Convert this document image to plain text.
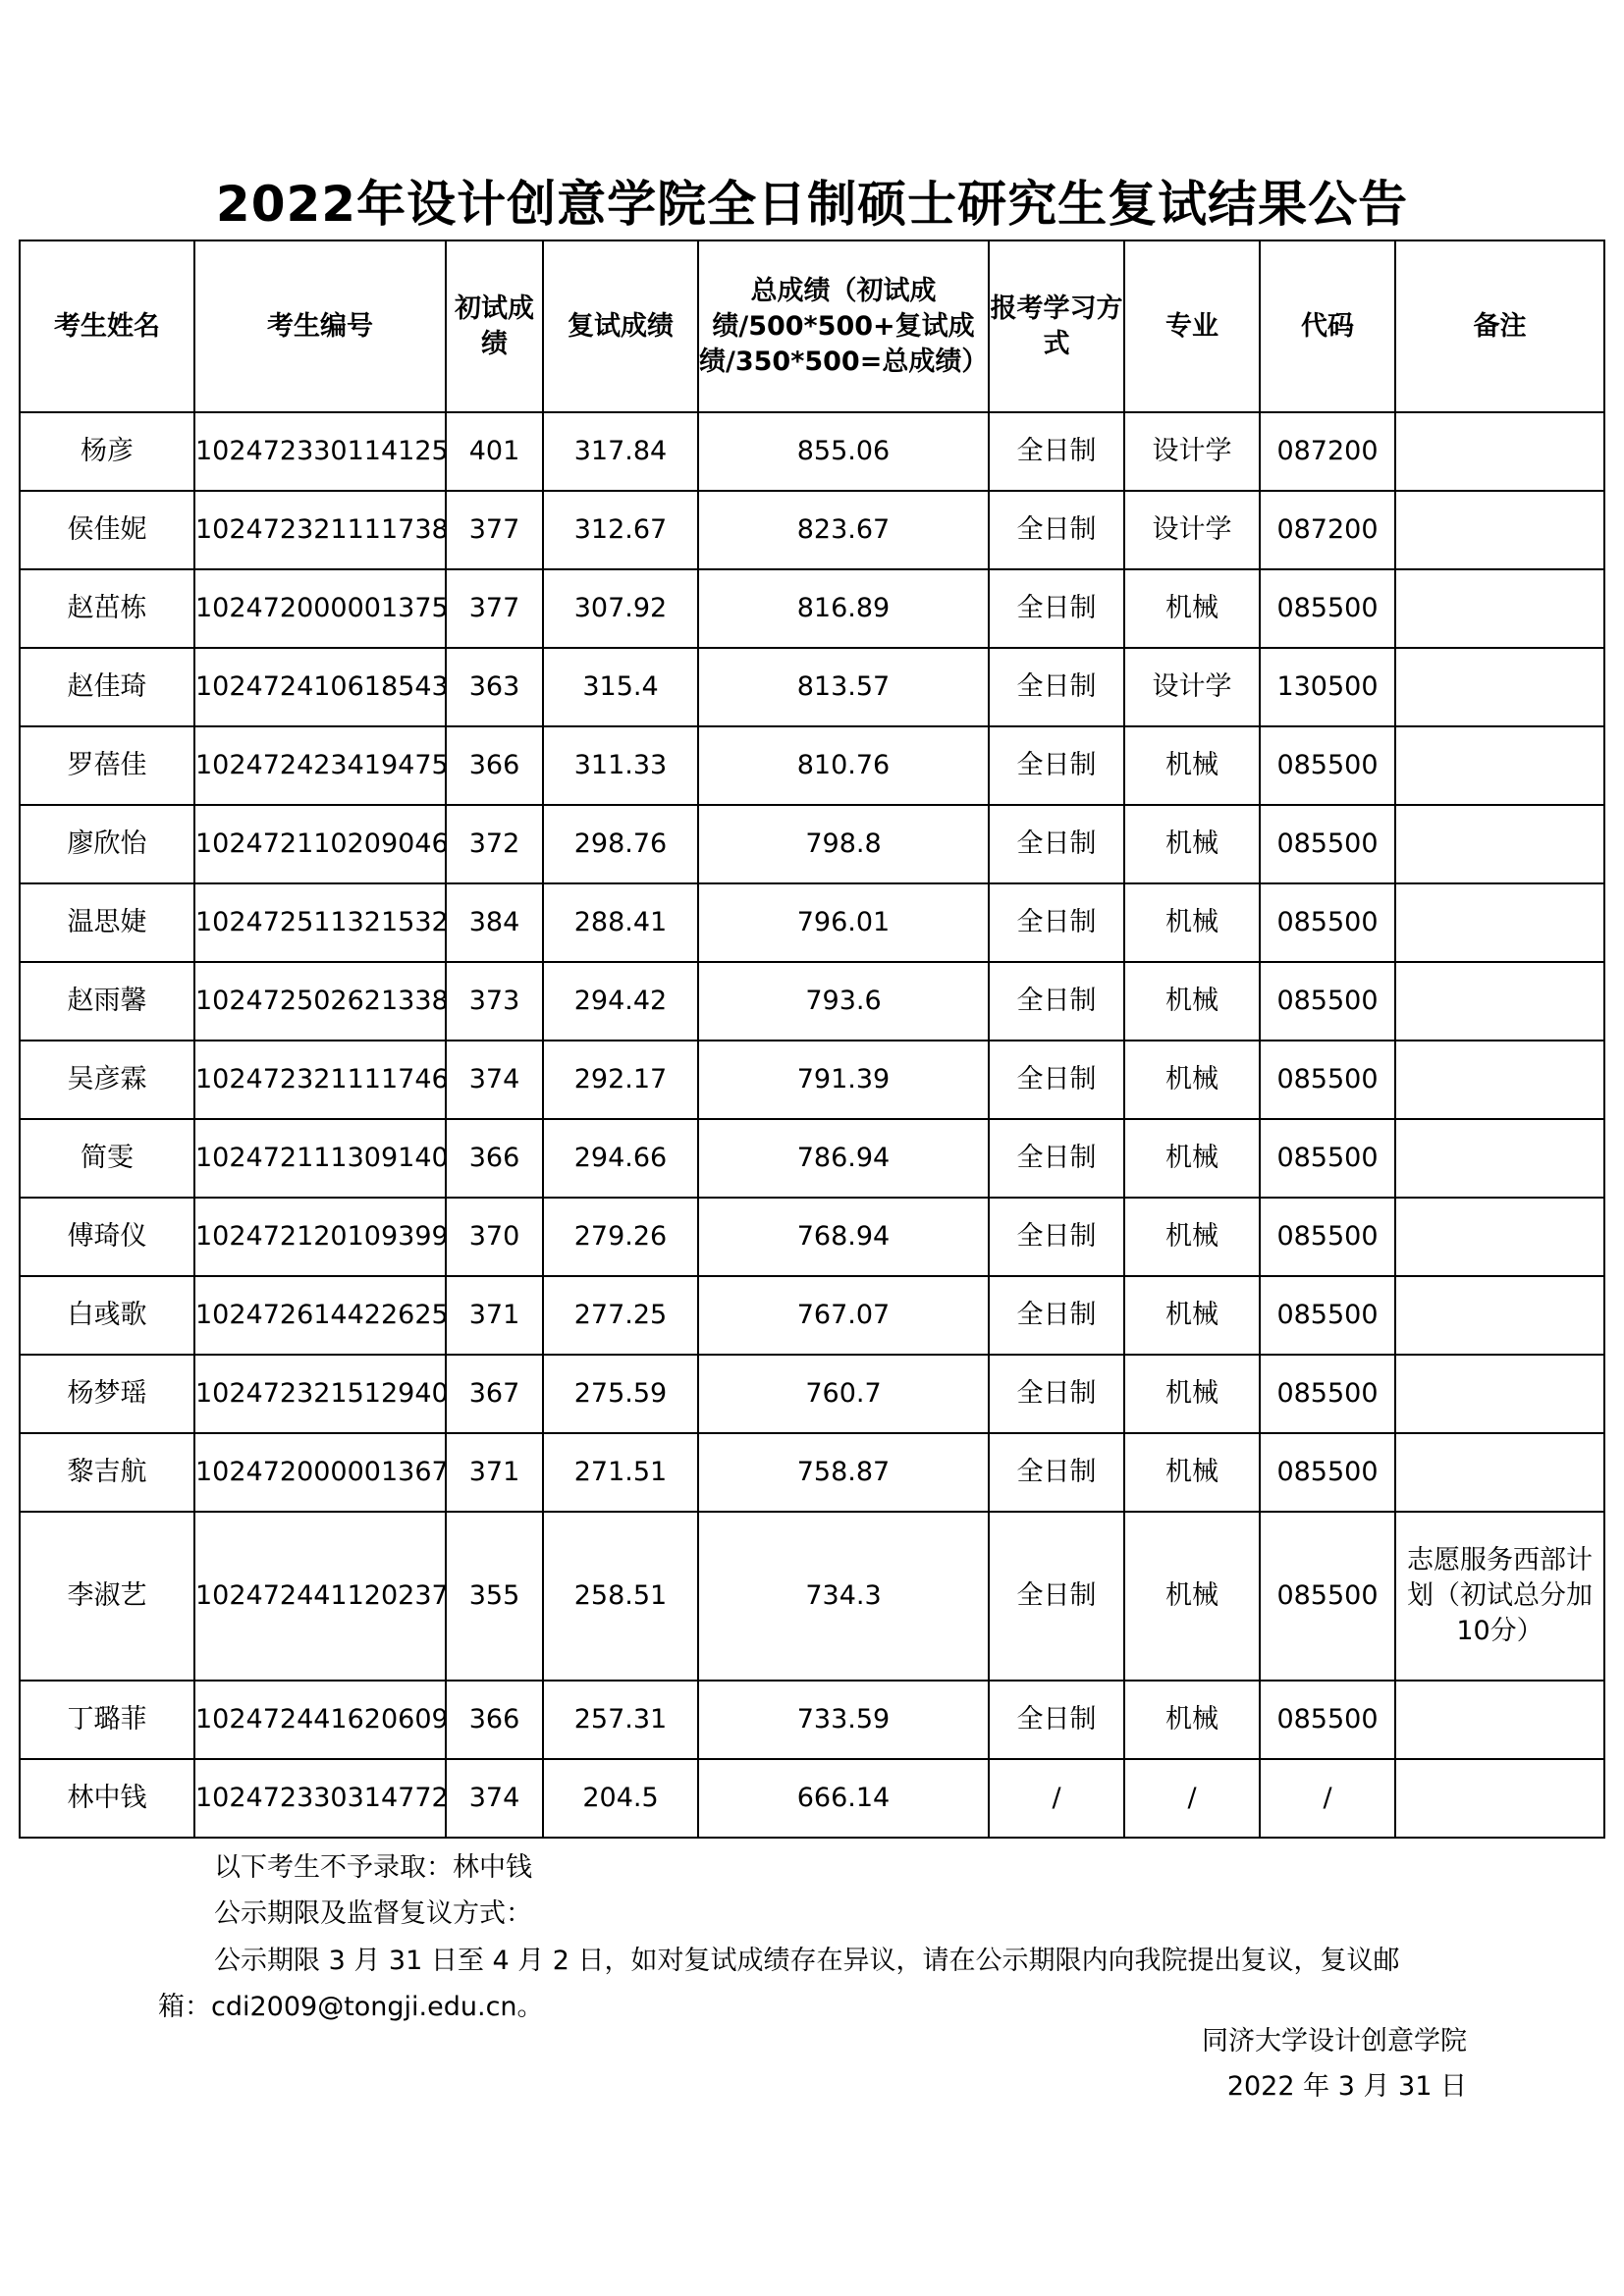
2022年设计创意学院全日制硕士研究生复试结果公告
考生姓名	考生编号	初试成绩	复试成绩	总成绩（初试成绩/500*500+复试成绩/350*500=总成绩）	报考学习方式	专业	代码	备注
杨彦	102472330114125	401	317.84	855.06	全日制	设计学	087200	
侯佳妮	102472321111738	377	312.67	823.67	全日制	设计学	087200	
赵茁栋	102472000001375	377	307.92	816.89	全日制	机械	085500	
赵佳琦	102472410618543	363	315.4	813.57	全日制	设计学	130500	
罗蓓佳	102472423419475	366	311.33	810.76	全日制	机械	085500	
廖欣怡	102472110209046	372	298.76	798.8	全日制	机械	085500	
温思婕	102472511321532	384	288.41	796.01	全日制	机械	085500	
赵雨馨	102472502621338	373	294.42	793.6	全日制	机械	085500	
吴彦霖	102472321111746	374	292.17	791.39	全日制	机械	085500	
简雯	102472111309140	366	294.66	786.94	全日制	机械	085500	
傅琦仪	102472120109399	370	279.26	768.94	全日制	机械	085500	
白彧歌	102472614422625	371	277.25	767.07	全日制	机械	085500	
杨梦瑶	102472321512940	367	275.59	760.7	全日制	机械	085500	
黎吉航	102472000001367	371	271.51	758.87	全日制	机械	085500	
李淑艺	102472441120237	355	258.51	734.3	全日制	机械	085500	志愿服务西部计划（初试总分加10分）
丁璐菲	102472441620609	366	257.31	733.59	全日制	机械	085500	
林中钱	102472330314772	374	204.5	666.14	/	/	/	
以下考生不予录取：林中钱
公示期限及监督复议方式：
公示期限 3 月 31 日至 4 月 2 日，如对复试成绩存在异议，请在公示期限内向我院提出复议，复议邮
箱：cdi2009@tongji.edu.cn。
同济大学设计创意学院
2022 年 3 月 31 日
